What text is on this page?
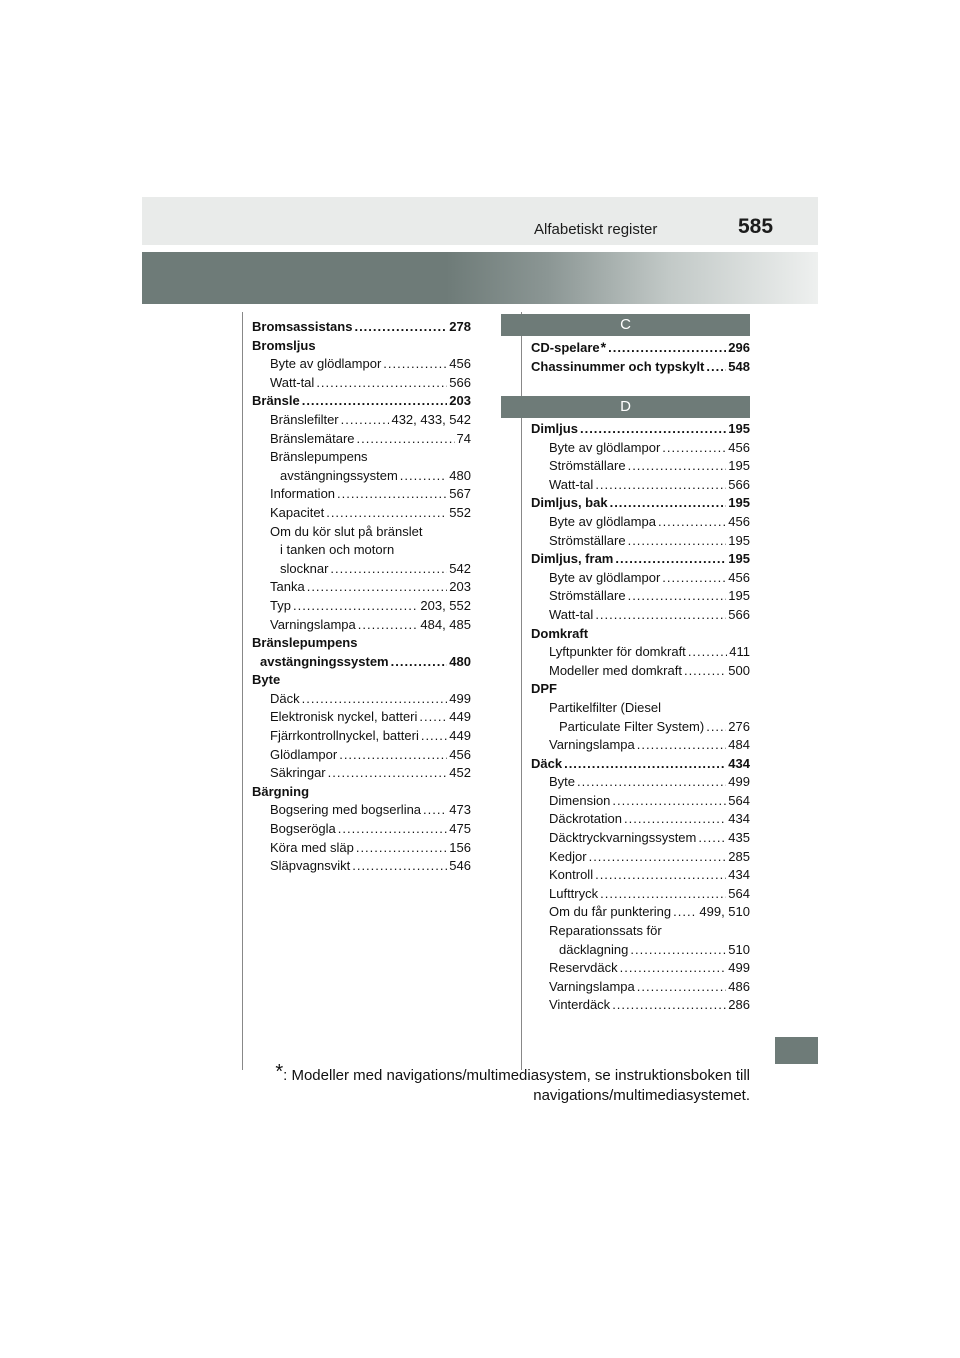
Alfabetiskt register	585
Bromsassistans .....	278
Bromsljus
Byte av glödlampor .....	456
Watt-tal .....	566
Bränsle .....	203
Bränslefilter .....	432, 433, 542
Bränslemätare .....	74
Bränslepumpens
avstängningssystem .....	480
Information .....	567
Kapacitet .....	552
Om du kör slut på bränslet
i tanken och motorn
slocknar .....	542
Tanka .....	203
Typ .....	203, 552
Varningslampa .....	484, 485
Bränslepumpens
avstängningssystem .....	480
Byte
Däck .....	499
Elektronisk nyckel, batteri ..... 449
Fjärrkontrollnyckel, batteri ..... 449
Glödlampor .....	456
Säkringar .....	452
Bärgning
Bogsering med bogserlina ..... 473
Bogserögla .....	475
Köra med släp .....	156
Släpvagnsvikt .....	546
C
CD-spelare * .....	296
Chassinummer och typskylt ..... 548
D
Dimljus .....	195
Byte av glödlampor .....	456
Strömställare .....	195
Watt-tal .....	566
Dimljus, bak .....	195
Byte av glödlampa .....	456
Strömställare .....	195
Dimljus, fram .....	195
Byte av glödlampor .....	456
Strömställare .....	195
Watt-tal .....	566
Domkraft
Lyftpunkter för domkraft .....	411
Modeller med domkraft .....	500
DPF
Partikelfilter (Diesel
Particulate Filter System) ..... 276
Varningslampa .....	484
Däck .....	434
Byte .....	499
Dimension .....	564
Däckrotation .....	434
Däcktryckvarningssystem ..... 435
Kedjor .....	285
Kontroll .....	434
Lufttryck .....	564
Om du får punktering ..... 499, 510
Reparationssats för
däcklagning .....	510
Reservdäck .....	499
Varningslampa .....	486
Vinterdäck .....	286
*: Modeller med navigations/multimediasystem, se instruktionsboken till
navigations/multimediasystemet.
